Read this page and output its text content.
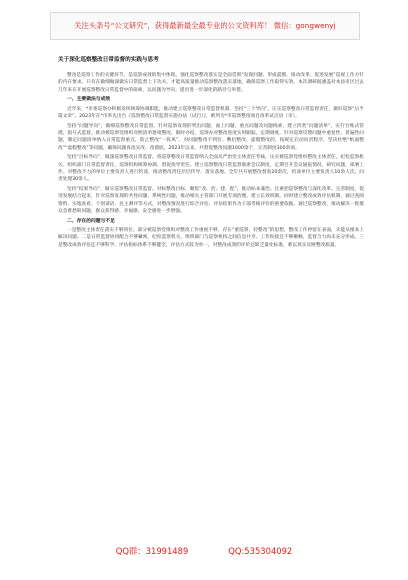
关注头条号“公文研究”，获得最新最全最专业的公文资料库！ 微信：gongwenyj
关于深化巡察整改日常监督的实践与思考

整改是巡察工作的关键环节，是巡察成效的集中体现。强化巡察整改落实是全面贯彻“发现问题、形成震慑、推动改革、促进发展”巡视工作方针的内在要求。只有在做细做深做实日常监督上下功夫，才能高质量推动巡察整改落实落地，确保巡察工作取得实效。本次调研既涵盖对本县市区过去几年来在开展巡察整改日常监督中的探索，以问题为导向，提出进一步深化的路径与举措。

一、主要做法与成效

近年来，*市委巡察办积极发挥统筹协调职能，推动建立巡察整改日常监督机制，坚持“三个导向”，压实巡察整改日常监督责任，做好巡察“后半篇文章”。2023年在*市率先出台《巡察整改日常监督实施办法（试行）》，被列为*市巡察整改项目改革试点县（市）。

坚持“问题导向”，做细巡察整改日常监督。针对巡察发现的突出问题、面上问题、重点问题及问题线索，建立四类“问题清单”，实行台账式管理，销号式监督。推动被巡察党组织对照清单逐项整改、限时办结，巡察办对整改进度实时跟踪，定期调度。针对巡察反馈问题中重复性、普遍性问题，制定问题清单纳入日常监督重点，防止整改“一阵风”。对问题整改不到位、敷衍整改、虚假整改的，按规定启动问责程序，坚决杜绝“纸面整改”“虚假整改”等问题，确保问题真改实改、改彻底。2023年以来，共督促整改问题1000余个，完善制度300余项。

坚持“目标导向”，做深巡察整改日常监督。将巡察整改日常监督纳入全面从严治党主体责任考核，压实被巡察党组织整改主体责任，纪检监察机关、组织部门日常监督责任，巡察机构统筹协调、督促指导责任。建立巡察整改日常监督联席会议制度，定期召开会议通报情况、研究问题、部署工作。对整改不力的单位主要负责人进行约谈，推动整改责任层层传导、落实落地。全年共开展整改督查20余次，约谈单位主要负责人10余人次，问责处理30余人。

坚持“结果导向”，做实巡察整改日常监督。对标整改目标，聚焦“改、治、建、促”，推动标本兼治。注重把巡察整改与深化改革、完善制度、促进发展结合起来，针对巡察发现的共性问题、系统性问题，推动相关主管部门开展专项治理，建立长效机制。同时建立整改成效评估机制，通过查阅资料、实地查看、个别谈话、民主测评等方式，对整改情况进行综合评估，评估结果作为干部考核评价的重要依据。通过巡察整改，推动解决一批群众急难愁盼问题，群众获得感、幸福感、安全感进一步增强。

二、存在的问题与不足

一是整改主体责任落实不够到位。部分被巡察党组织对整改工作重视不够，存在“重巡察、轻整改”的思想，整改工作停留在表面，未能从根本上解决问题。二是日常监督协同配合不够紧密。纪检监察机关、组织部门与巡察机构之间信息共享、工作衔接还不够顺畅，监督合力尚未充分形成。三是整改成效评估还不够科学。评估指标体系不够健全，评估方式较为单一，对整改成效的评价还缺乏量化标准，难以真实反映整改质量。

QQ群：31991489	QQ:535304092
